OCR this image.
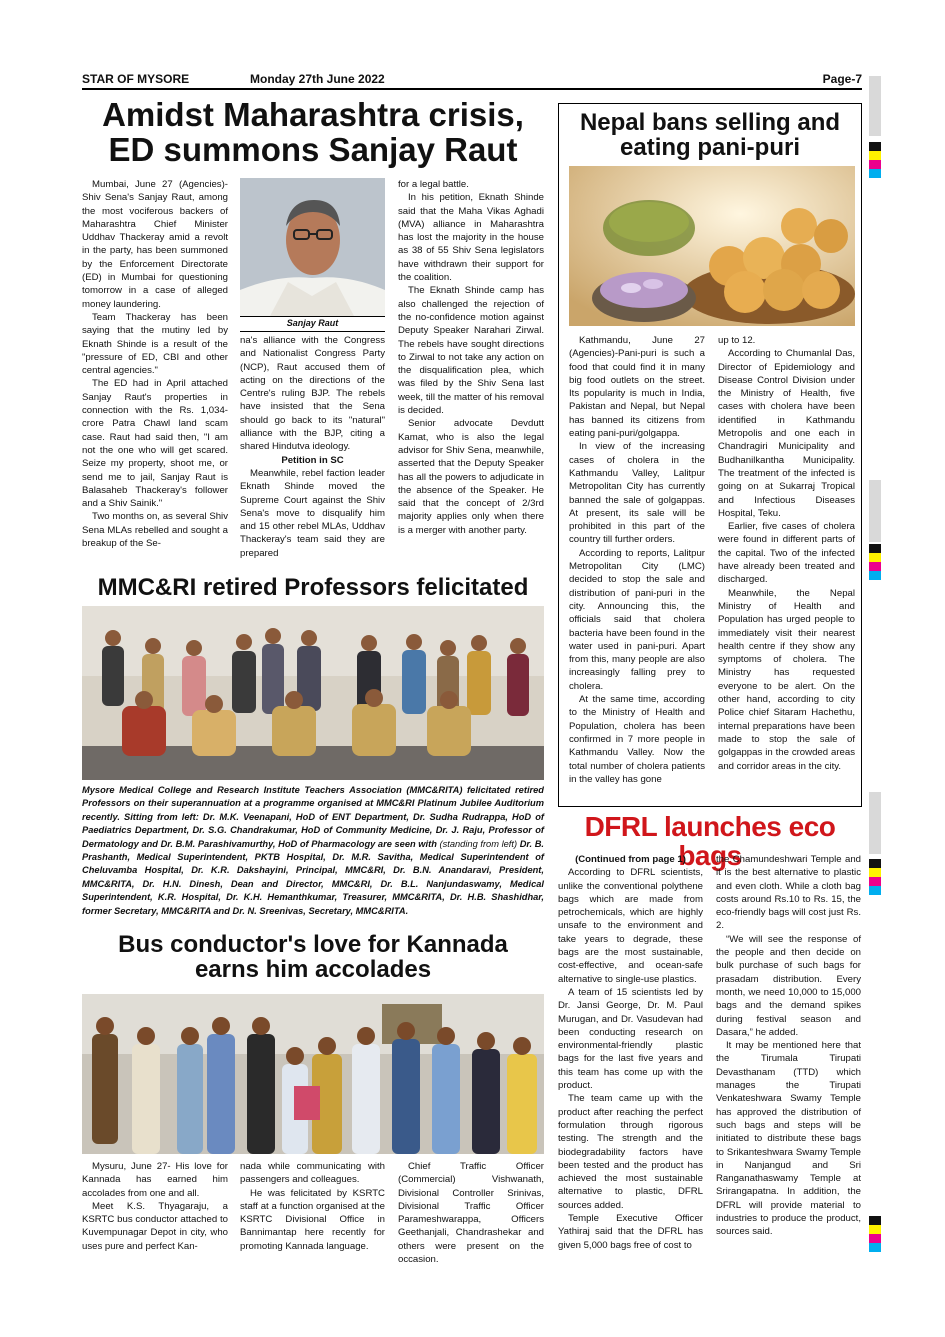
STAR OF MYSORE	Monday 27th June 2022	Page-7
Amidst Maharashtra crisis,
ED summons Sanjay Raut

Mumbai, June 27 (Agencies)- Shiv Sena's Sanjay Raut, among the most vociferous backers of Maharashtra Chief Minister Uddhav Thackeray amid a revolt in the party, has been summoned by the Enforcement Directorate (ED) in Mumbai for questioning tomorrow in a case of alleged money laundering.

Team Thackeray has been saying that the mutiny led by Eknath Shinde is a result of the "pressure of ED, CBI and other central agencies."

The ED had in April attached Sanjay Raut's properties in connection with the Rs. 1,034-crore Patra Chawl land scam case. Raut had said then, "I am not the one who will get scared. Seize my property, shoot me, or send me to jail, Sanjay Raut is Balasaheb Thackeray's follower and a Shiv Sainik."

Two months on, as several Shiv Sena MLAs rebelled and sought a breakup of the Se-

Sanjay Raut

na's alliance with the Congress and Nationalist Congress Party (NCP), Raut accused them of acting on the directions of the Centre's ruling BJP. The rebels have insisted that the Sena should go back to its "natural" alliance with the BJP, citing a shared Hindutva ideology.

Petition in SC

Meanwhile, rebel faction leader Eknath Shinde moved the Supreme Court against the Shiv Sena's move to disqualify him and 15 other rebel MLAs, Uddhav Thackeray's team said they are prepared

for a legal battle.

In his petition, Eknath Shinde said that the Maha Vikas Aghadi (MVA) alliance in Maharashtra has lost the majority in the house as 38 of 55 Shiv Sena legislators have withdrawn their support for the coalition.

The Eknath Shinde camp has also challenged the rejection of the no-confidence motion against Deputy Speaker Narahari Zirwal. The rebels have sought directions to Zirwal to not take any action on the disqualification plea, which was filed by the Shiv Sena last week, till the matter of his removal is decided.

Senior advocate Devdutt Kamat, who is also the legal advisor for Shiv Sena, meanwhile, asserted that the Deputy Speaker has all the powers to adjudicate in the absence of the Speaker. He said that the concept of 2/3rd majority applies only when there is a merger with another party.

Nepal bans selling and
eating pani-puri

Kathmandu, June 27 (Agencies)-Pani-puri is such a food that could find it in many big food outlets on the street. Its popularity is much in India, Pakistan and Nepal, but Nepal has banned its citizens from eating pani-puri/golgappa.

In view of the increasing cases of cholera in the Kathmandu Valley, Lalitpur Metropolitan City has currently banned the sale of golgappas. At present, its sale will be prohibited in this part of the country till further orders.

According to reports, Lalitpur Metropolitan City (LMC) decided to stop the sale and distribution of pani-puri in the city. Announcing this, the officials said that cholera bacteria have been found in the water used in pani-puri. Apart from this, many people are also increasingly falling prey to cholera.

At the same time, according to the Ministry of Health and Population, cholera has been confirmed in 7 more people in Kathmandu Valley. Now the total number of cholera patients in the valley has gone

up to 12.

According to Chumanlal Das, Director of Epidemiology and Disease Control Division under the Ministry of Health, five cases with cholera have been identified in Kathmandu Metropolis and one each in Chandragiri Municipality and Budhanilkantha Municipality. The treatment of the infected is going on at Sukarraj Tropical and Infectious Diseases Hospital, Teku.

Earlier, five cases of cholera were found in different parts of the capital. Two of the infected have already been treated and discharged.

Meanwhile, the Nepal Ministry of Health and Population has urged people to immediately visit their nearest health centre if they show any symptoms of cholera. The Ministry has requested everyone to be alert. On the other hand, according to city Police chief Sitaram Hachethu, internal preparations have been made to stop the sale of golgappas in the crowded areas and corridor areas in the city.

MMC&RI retired Professors felicitated
Mysore Medical College and Research Institute Teachers Association (MMC&RITA) felicitated retired Professors on their superannuation at a programme organised at MMC&RI Platinum Jubilee Auditorium recently. Sitting from left: Dr. M.K. Veenapani, HoD of ENT Department, Dr. Sudha Rudrappa, HoD of Paediatrics Department, Dr. S.G. Chandrakumar, HoD of Community Medicine, Dr. J. Raju, Professor of Dermatology and Dr. B.M. Parashivamurthy, HoD of Pharmacology are seen with (standing from left) Dr. B. Prashanth, Medical Superintendent, PKTB Hospital, Dr. M.R. Savitha, Medical Superintendent of Cheluvamba Hospital, Dr. K.R. Dakshayini, Principal, MMC&RI, Dr. B.N. Anandaravi, President, MMC&RITA, Dr. H.N. Dinesh, Dean and Director, MMC&RI, Dr. B.L. Nanjundaswamy, Medical Superintendent, K.R. Hospital, Dr. K.H. Hemanthkumar, Treasurer, MMC&RITA, Dr. H.B. Shashidhar, former Secretary, MMC&RITA and Dr. N. Sreenivas, Secretary, MMC&RITA.
Bus conductor's love for Kannada
earns him accolades

Mysuru, June 27- His love for Kannada has earned him accolades from one and all.

Meet K.S. Thyagaraju, a KSRTC bus conductor attached to Kuvempunagar Depot in city, who uses pure and perfect Kan-

nada while communicating with passengers and colleagues.

He was felicitated by KSRTC staff at a function organised at the KSRTC Divisional Office in Bannimantap here recently for promoting Kannada language.

Chief Traffic Officer (Commercial) Vishwanath, Divisional Controller Srinivas, Divisional Traffic Officer Parameshwarappa, Officers Geethanjali, Chandrashekar and others were present on the occasion.

DFRL launches eco bags

(Continued from page 1)

According to DFRL scientists, unlike the conventional polythene bags which are made from petrochemicals, which are highly unsafe to the environment and take years to degrade, these bags are the most sustainable, cost-effective, and ocean-safe alternative to single-use plastics.

A team of 15 scientists led by Dr. Jansi George, Dr. M. Paul Murugan, and Dr. Vasudevan had been conducting research on environmental-friendly plastic bags for the last five years and this team has come up with the product.

The team came up with the product after reaching the perfect formulation through rigorous testing. The strength and the biodegradability factors have been tested and the product has achieved the most sustainable alternative to plastic, DFRL sources added.

Temple Executive Officer Yathiraj said that the DFRL has given 5,000 bags free of cost to

the Chamundeshwari Temple and it is the best alternative to plastic and even cloth. While a cloth bag costs around Rs.10 to Rs. 15, the eco-friendly bags will cost just Rs. 2.

“We will see the response of the people and then decide on bulk purchase of such bags for prasadam distribution. Every month, we need 10,000 to 15,000 bags and the demand spikes during festival season and Dasara,” he added.

It may be mentioned here that the Tirumala Tirupati Devasthanam (TTD) which manages the Tirupati Venkateshwara Swamy Temple has approved the distribution of such bags and steps will be initiated to distribute these bags to Srikanteshwara Swamy Temple in Nanjangud and Sri Ranganathaswamy Temple at Srirangapatna. In addition, the DFRL will provide material to industries to produce the product, sources said.
